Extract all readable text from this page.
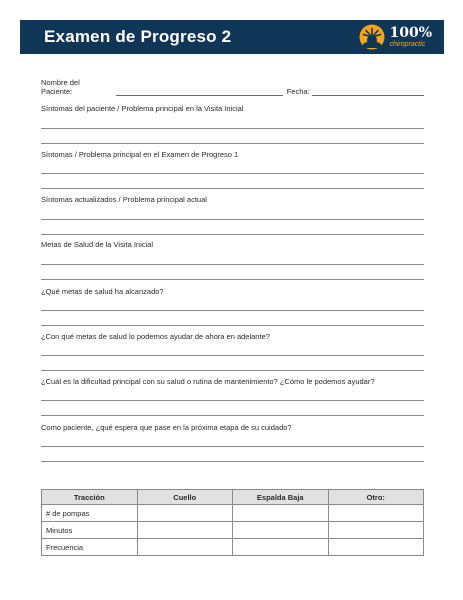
Examen de Progreso 2	100%
chiropractic
Nombre del Paciente:	Fecha:
Síntomas del paciente / Problema principal en la Visita Inicial
Síntomas / Problema principal en el Examen de Progreso 1
Síntomas actualizados / Problema principal actual
Metas de Salud de la Visita Inicial
¿Qué metas de salud ha alcanzado?
¿Con qué metas de salud lo podemos ayudar de ahora en adelante?
¿Cuál es la dificultad principal con su salud o rutina de mantenimiento? ¿Cómo le podemos ayudar?
Como paciente, ¿qué espera que pase en la próxima etapa de su cuidado?
Tracción	Cuello	Espalda Baja	Otro:
# de pompas			
Minutos			
Frecuencia			
